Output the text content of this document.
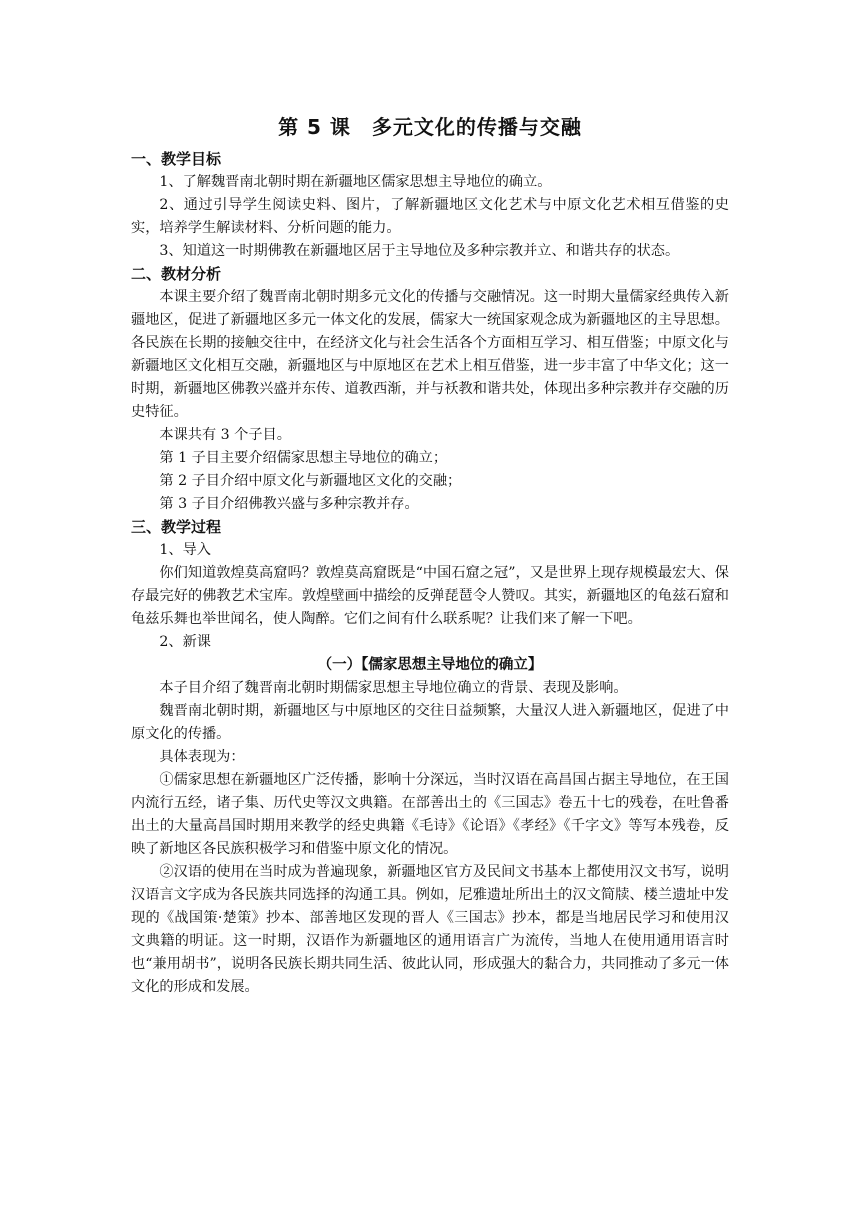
第 5 课　多元文化的传播与交融
一、教学目标

1、了解魏晋南北朝时期在新疆地区儒家思想主导地位的确立。

2、通过引导学生阅读史料、图片，了解新疆地区文化艺术与中原文化艺术相互借鉴的史实，培养学生解读材料、分析问题的能力。

3、知道这一时期佛教在新疆地区居于主导地位及多种宗教并立、和谐共存的状态。

二、教材分析

本课主要介绍了魏晋南北朝时期多元文化的传播与交融情况。这一时期大量儒家经典传入新疆地区，促进了新疆地区多元一体文化的发展，儒家大一统国家观念成为新疆地区的主导思想。各民族在长期的接触交往中，在经济文化与社会生活各个方面相互学习、相互借鉴；中原文化与新疆地区文化相互交融，新疆地区与中原地区在艺术上相互借鉴，进一步丰富了中华文化；这一时期，新疆地区佛教兴盛并东传、道教西渐，并与袄教和谐共处，体现出多种宗教并存交融的历史特征。

本课共有 3 个子目。

第 1 子目主要介绍儒家思想主导地位的确立；

第 2 子目介绍中原文化与新疆地区文化的交融；

第 3 子目介绍佛教兴盛与多种宗教并存。

三、教学过程

1、导入

你们知道敦煌莫高窟吗？敦煌莫高窟既是“中国石窟之冠”，又是世界上现存规模最宏大、保存最完好的佛教艺术宝库。敦煌壁画中描绘的反弹琵琶令人赞叹。其实，新疆地区的龟兹石窟和龟兹乐舞也举世闻名，使人陶醉。它们之间有什么联系呢？让我们来了解一下吧。

2、新课

（一）【儒家思想主导地位的确立】

本子目介绍了魏晋南北朝时期儒家思想主导地位确立的背景、表现及影响。

魏晋南北朝时期，新疆地区与中原地区的交往日益频繁，大量汉人进入新疆地区，促进了中原文化的传播。

具体表现为：

①儒家思想在新疆地区广泛传播，影响十分深远，当时汉语在高昌国占据主导地位，在王国内流行五经，诸子集、历代史等汉文典籍。在部善出土的《三国志》卷五十七的残卷，在吐鲁番出土的大量高昌国时期用来教学的经史典籍《毛诗》《论语》《孝经》《千字文》等写本残卷，反映了新地区各民族积极学习和借鉴中原文化的情况。

②汉语的使用在当时成为普遍现象，新疆地区官方及民间文书基本上都使用汉文书写，说明汉语言文字成为各民族共同选择的沟通工具。例如，尼雅遗址所出土的汉文简牍、楼兰遗址中发现的《战国策·楚策》抄本、部善地区发现的晋人《三国志》抄本，都是当地居民学习和使用汉文典籍的明证。这一时期，汉语作为新疆地区的通用语言广为流传，当地人在使用通用语言时也“兼用胡书”，说明各民族长期共同生活、彼此认同，形成强大的黏合力，共同推动了多元一体文化的形成和发展。
